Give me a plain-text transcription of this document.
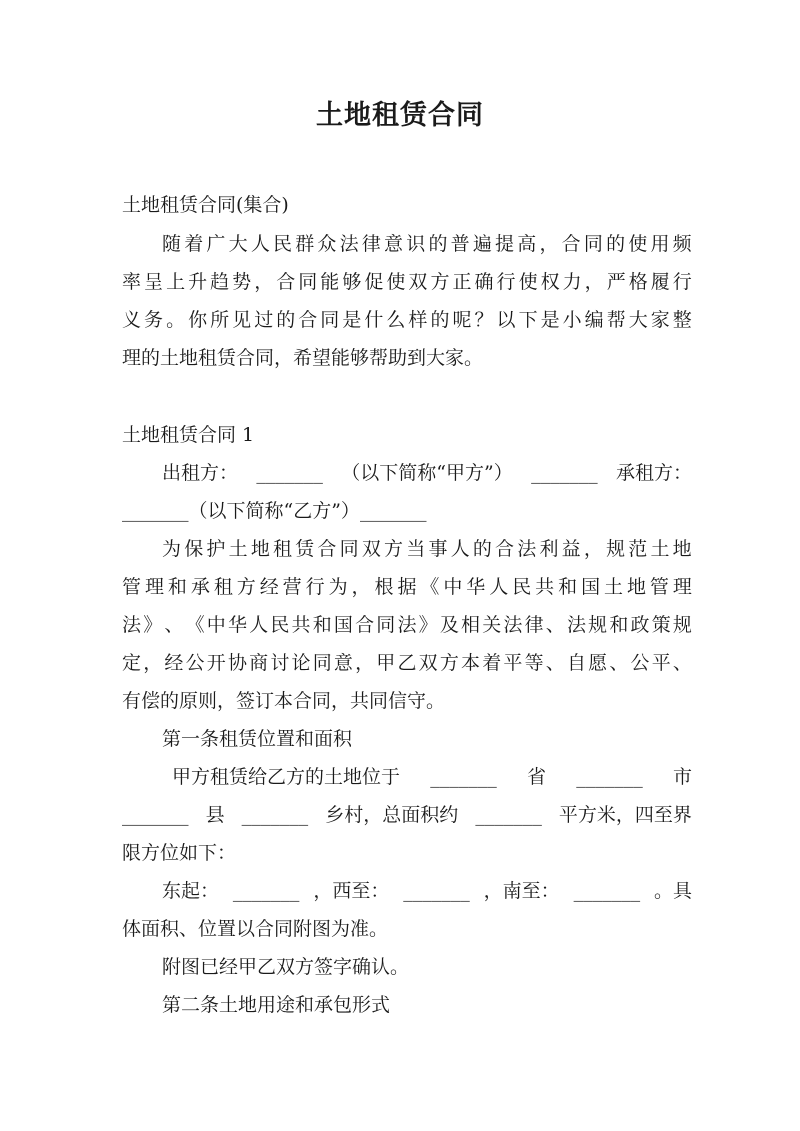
土地租赁合同
土地租赁合同(集合)
随 着 广 大 人 民 群 众 法 律 意 识 的 普 遍 提 高 ， 合 同 的 使 用 频
率 呈 上 升 趋 势 ， 合 同 能 够 促 使 双 方 正 确 行 使 权 力 ， 严 格 履 行
义 务 。 你 所 见 过 的 合 同 是 什 么 样 的 呢 ？ 以 下 是 小 编 帮 大 家 整
理的土地租赁合同，希望能够帮助到大家。
土地租赁合同 1
出租方： _______ （以下简称“甲方”） _______ 承租方：
_______（以下简称“乙方”）_______
为 保 护 土 地 租 赁 合 同 双 方 当 事 人 的 合 法 利 益 ， 规 范 土 地
管 理 和 承 租 方 经 营 行 为 ， 根 据 《 中 华 人 民 共 和 国 土 地 管 理
法 》 、 《 中 华 人 民 共 和 国 合 同 法 》 及 相 关 法 律 、 法 规 和 政 策 规
定 ， 经 公 开 协 商 讨 论 同 意 ， 甲 乙 双 方 本 着 平 等 、 自 愿 、 公 平 、
有偿的原则，签订本合同，共同信守。
第一条租赁位置和面积
甲方租赁给乙方的土地位于 _______ 省 _______ 市
_______ 县 _______ 乡村，总面积约 _______ 平方米，四至界
限方位如下：
东起： _______ ，西至： _______ ，南至： _______ 。具
体面积、位置以合同附图为准。
附图已经甲乙双方签字确认。
第二条土地用途和承包形式
